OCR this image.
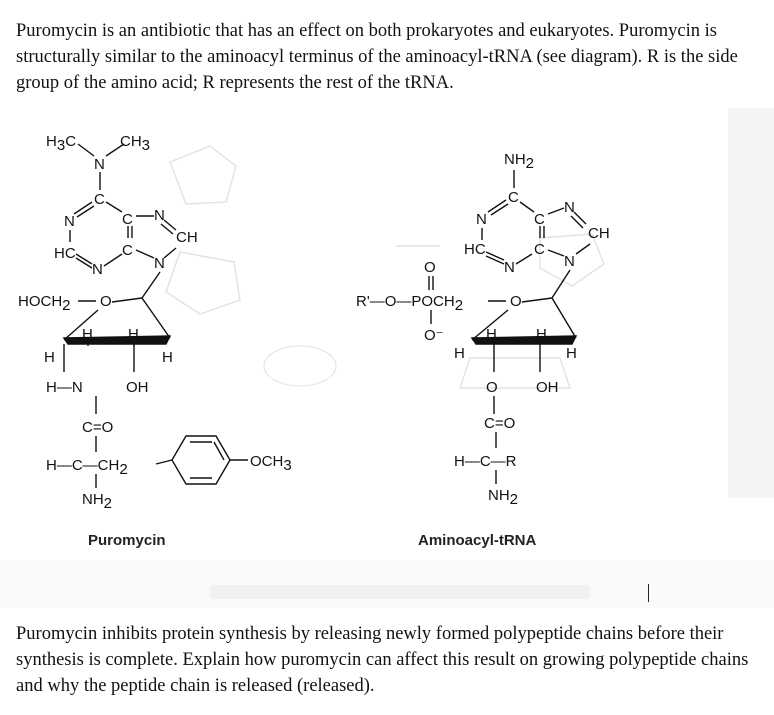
Puromycin is an antibiotic that has an effect on both prokaryotes and eukaryotes. Puromycin is structurally similar to the aminoacyl terminus of the aminoacyl-tRNA (see diagram). R is the side group of the amino acid; R represents the rest of the tRNA.

H3C	CH3
N
C
N
HC
N
C
C N
CH
N
HOCH2 O
H H
H	H
H—N	OH
C=O
H—C—CH2
NH2
OCH3
Puromycin
NH2
C
N
HC
N
C
C
N
CH
N
O
R'—O—POCH2	O
O⁻	H	H
H	H
O	OH
C=O
H—C—R
NH2
Aminoacyl-tRNA

Puromycin inhibits protein synthesis by releasing newly formed polypeptide chains before their synthesis is complete. Explain how puromycin can affect this result on growing polypeptide chains and why the peptide chain is released (released).
